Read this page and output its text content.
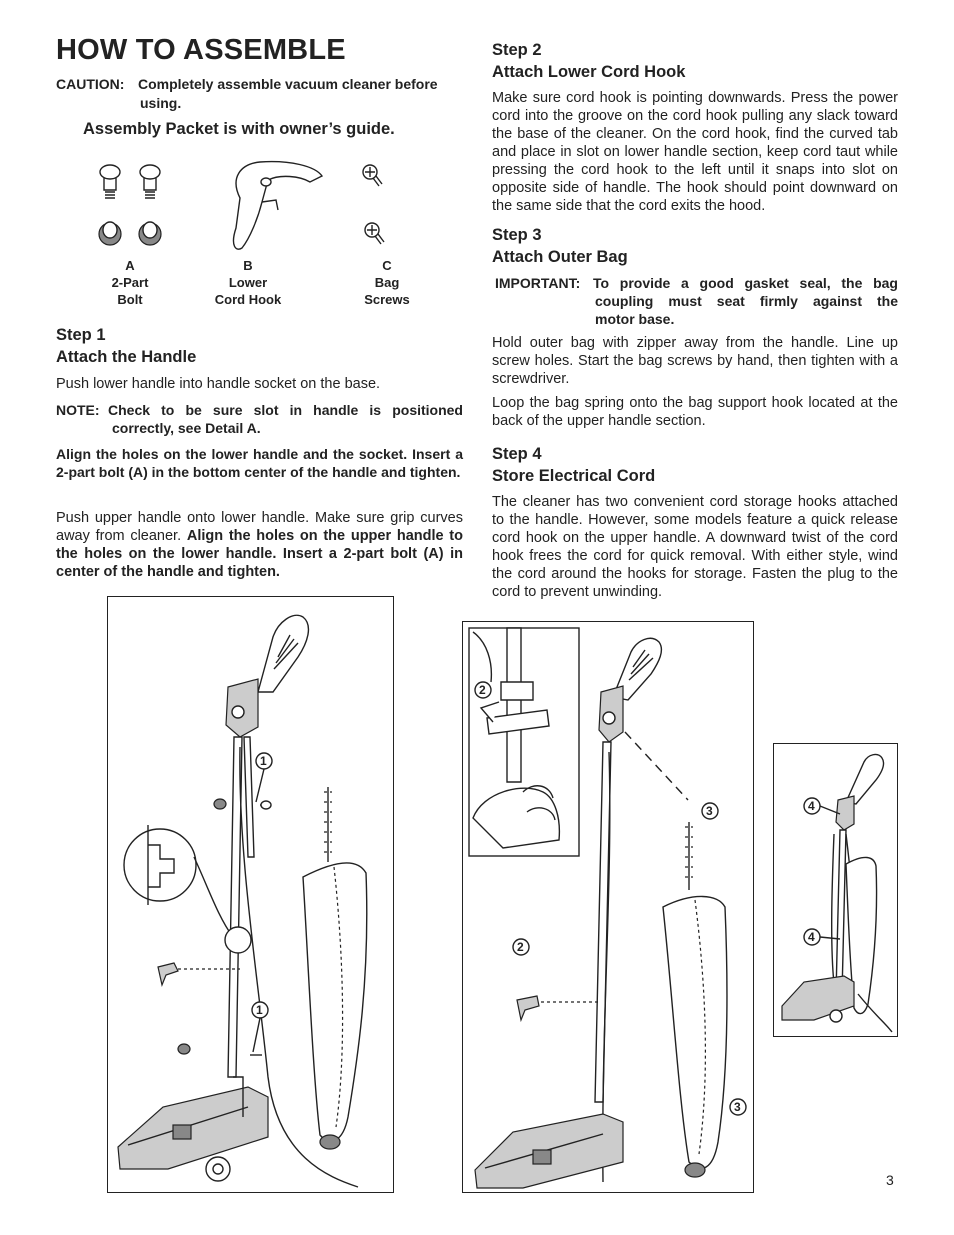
HOW TO ASSEMBLE
CAUTION: Completely assemble vacuum cleaner before
using.
Assembly Packet is with owner’s guide.
A
2-Part
Bolt
B
Lower
Cord Hook
C
Bag
Screws
Step 1
Attach the Handle

Push lower handle into handle socket on the base.

NOTE: Check to be sure slot in handle is positioned
correctly, see Detail A.

Align the holes on the lower handle and the socket. Insert a 2-part bolt (A) in the bottom center of the handle and tighten.

Push upper handle onto lower handle. Make sure grip curves away from cleaner. Align the holes on the upper handle to the holes on the lower handle. Insert a 2-part bolt (A) in center of the handle and tighten.

Step 2
Attach Lower Cord Hook

Make sure cord hook is pointing downwards. Press the power cord into the groove on the cord hook pulling any slack toward the base of the cleaner. On the cord hook, find the curved tab and place in slot on lower handle section, keep cord taut while pressing the cord hook to the left until it snaps into slot on opposite side of handle. The hook should point downward on the same side that the cord exits the hood.

Step 3
Attach Outer Bag
IMPORTANT: To provide a good gasket seal, the bag
coupling must seat firmly against the
motor base.

Hold outer bag with zipper away from the handle. Line up screw holes. Start the bag screws by hand, then tighten with a screwdriver.

Loop the bag spring onto the bag support hook located at the back of the upper handle section.

Step 4
Store Electrical Cord

The cleaner has two convenient cord storage hooks attached to the handle. However, some models feature a quick release cord hook on the upper handle. A downward twist of the cord hook frees the cord for quick removal. With either style, wind the cord around the hooks for storage. Fasten the plug to the cord to prevent unwinding.

1
1
2
3
3
2
4
4
3
